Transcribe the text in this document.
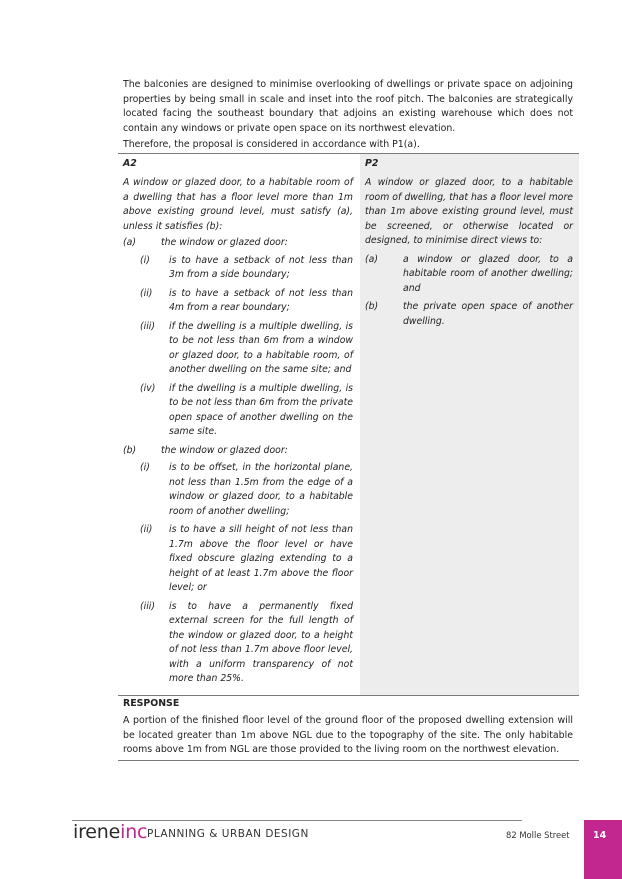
The balconies are designed to minimise overlooking of dwellings or private space on adjoining properties by being small in scale and inset into the roof pitch. The balconies are strategically located facing the southeast boundary that adjoins an existing warehouse which does not contain any windows or private open space on its northwest elevation.

Therefore, the proposal is considered in accordance with P1(a).

A2

A window or glazed door, to a habitable room of a dwelling that has a floor level more than 1m above existing ground level, must satisfy (a), unless it satisfies (b):

(a)	the window or glazed door:
(i)	is to have a setback of not less than 3m from a side boundary;
(ii)	is to have a setback of not less than 4m from a rear boundary;
(iii)	if the dwelling is a multiple dwelling, is to be not less than 6m from a window or glazed door, to a habitable room, of another dwelling on the same site; and
(iv)	if the dwelling is a multiple dwelling, is to be not less than 6m from the private open space of another dwelling on the same site.
(b)	the window or glazed door:
(i)	is to be offset, in the horizontal plane, not less than 1.5m from the edge of a window or glazed door, to a habitable room of another dwelling;
(ii)	is to have a sill height of not less than 1.7m above the floor level or have fixed obscure glazing extending to a height of at least 1.7m above the floor level; or
(iii)	is to have a permanently fixed external screen for the full length of the window or glazed door, to a height of not less than 1.7m above floor level, with a uniform transparency of not more than 25%.
P2

A window or glazed door, to a habitable room of dwelling, that has a floor level more than 1m above existing ground level, must be screened, or otherwise located or designed, to minimise direct views to:

(a)	a window or glazed door, to a habitable room of another dwelling; and
(b)	the private open space of another dwelling.
RESPONSE

A portion of the finished floor level of the ground floor of the proposed dwelling extension will be located greater than 1m above NGL due to the topography of the site. The only habitable rooms above 1m from NGL are those provided to the living room on the northwest elevation.

ireneinc PLANNING & URBAN DESIGN	82 Molle Street 14
